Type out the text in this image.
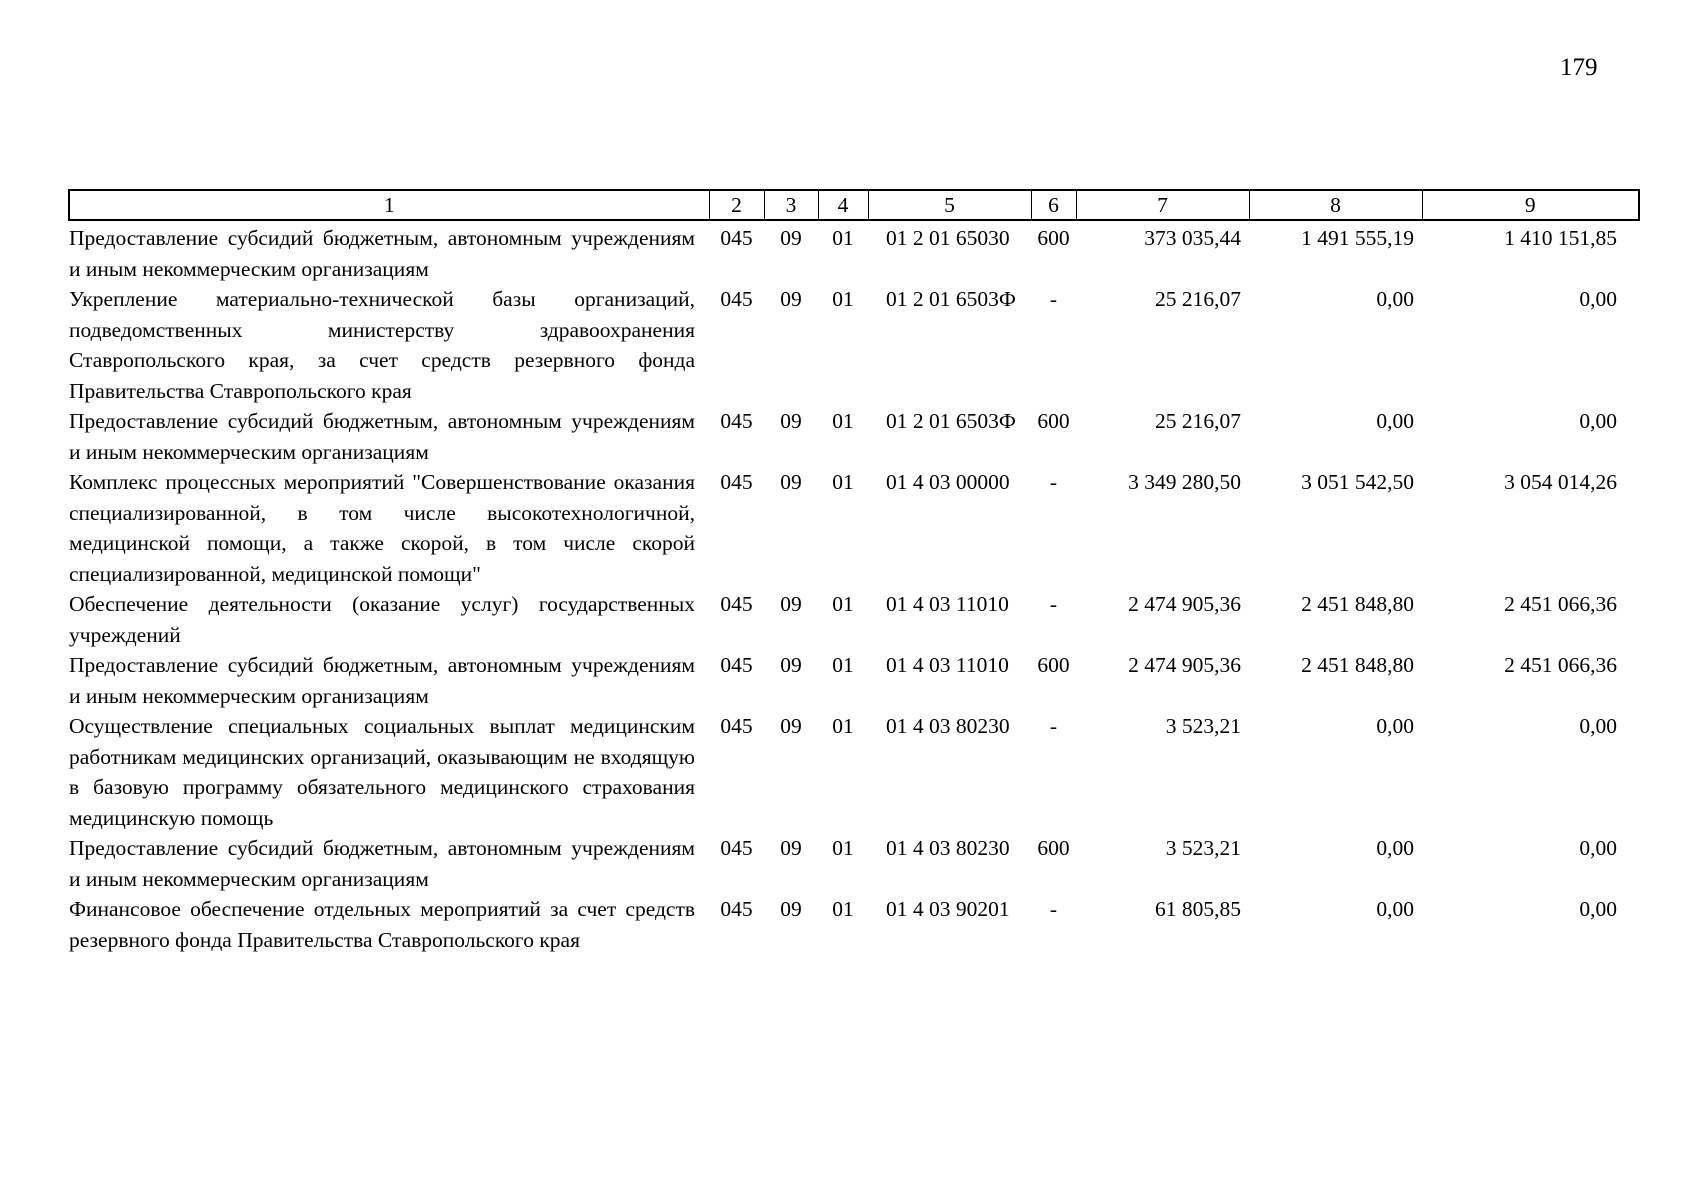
179
1	2	3	4	5	6	7	8	9
Предоставление субсидий бюджетным, автономным учреждениям и иным некоммерческим организациям	045	09	01	01 2 01 65030	600	373 035,44	1 491 555,19	1 410 151,85
Укрепление материально-технической базы организаций, подведомственных министерству здравоохранения Ставропольского края, за счет средств резервного фонда Правительства Ставропольского края	045	09	01	01 2 01 6503Ф	-	25 216,07	0,00	0,00
Предоставление субсидий бюджетным, автономным учреждениям и иным некоммерческим организациям	045	09	01	01 2 01 6503Ф	600	25 216,07	0,00	0,00
Комплекс процессных мероприятий "Совершенствование оказания специализированной, в том числе высокотехнологичной, медицинской помощи, а также скорой, в том числе скорой специализированной, медицинской помощи"	045	09	01	01 4 03 00000	-	3 349 280,50	3 051 542,50	3 054 014,26
Обеспечение деятельности (оказание услуг) государственных учреждений	045	09	01	01 4 03 11010	-	2 474 905,36	2 451 848,80	2 451 066,36
Предоставление субсидий бюджетным, автономным учреждениям и иным некоммерческим организациям	045	09	01	01 4 03 11010	600	2 474 905,36	2 451 848,80	2 451 066,36
Осуществление специальных социальных выплат медицинским работникам медицинских организаций, оказывающим не входящую в базовую программу обязательного медицинского страхования медицинскую помощь	045	09	01	01 4 03 80230	-	3 523,21	0,00	0,00
Предоставление субсидий бюджетным, автономным учреждениям и иным некоммерческим организациям	045	09	01	01 4 03 80230	600	3 523,21	0,00	0,00
Финансовое обеспечение отдельных мероприятий за счет средств резервного фонда Правительства Ставропольского края	045	09	01	01 4 03 90201	-	61 805,85	0,00	0,00
